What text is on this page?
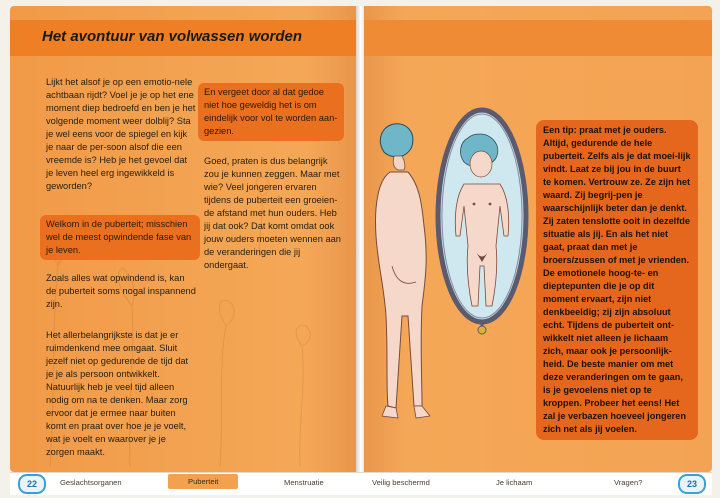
Het avontuur van volwassen worden

Lijkt het alsof je op een emotio-nele achtbaan rijdt? Voel je je op het ene moment diep bedroefd en ben je het volgende moment weer dolblij? Sta je wel eens voor de spiegel en kijk je naar de per-soon alsof die een vreemde is? Heb je het gevoel dat je leven heel erg ingewikkeld is geworden?

Welkom in de puberteit; misschien wel de meest opwindende fase van je leven.

Zoals alles wat opwindend is, kan de puberteit soms nogal inspannend zijn.

Het allerbelangrijkste is dat je er ruimdenkend mee omgaat. Sluit jezelf niet op gedurende de tijd dat je je als persoon ontwikkelt. Natuurlijk heb je veel tijd alleen nodig om na te denken. Maar zorg ervoor dat je ermee naar buiten komt en praat over hoe je je voelt, wat je voelt en waarover je je zorgen maakt.

En vergeet door al dat gedoe niet hoe geweldig het is om eindelijk voor vol te worden aan-gezien.

Goed, praten is dus belangrijk zou je kunnen zeggen. Maar met wie? Veel jongeren ervaren tijdens de puberteit een groeien-de afstand met hun ouders. Heb jij dat ook? Dat komt omdat ook jouw ouders moeten wennen aan de veranderingen die jij ondergaat.

Een tip: praat met je ouders. Altijd, gedurende de hele puberteit. Zelfs als je dat moei-lijk vindt. Laat ze bij jou in de buurt te komen. Vertrouw ze. Ze zijn het waard. Zij begrij-pen je waarschijnlijk beter dan je denkt. Zij zaten tenslotte ooit in dezelfde situatie als jij. En als het niet gaat, praat dan met je broers/zussen of met je vrienden. De emotionele hoog-te- en dieptepunten die je op dit moment ervaart, zijn niet denkbeeldig; zij zijn absoluut echt. Tijdens de puberteit ont-wikkelt niet alleen je lichaam zich, maar ook je persoonlijk-heid. De beste manier om met deze veranderingen om te gaan, is je gevoelens niet op te kroppen. Probeer het eens! Het zal je verbazen hoeveel jongeren zich net als jij voelen.

22	Geslachtsorganen	Puberteit	Menstruatie	Veilig beschermd	Je lichaam	Vragen?	23
